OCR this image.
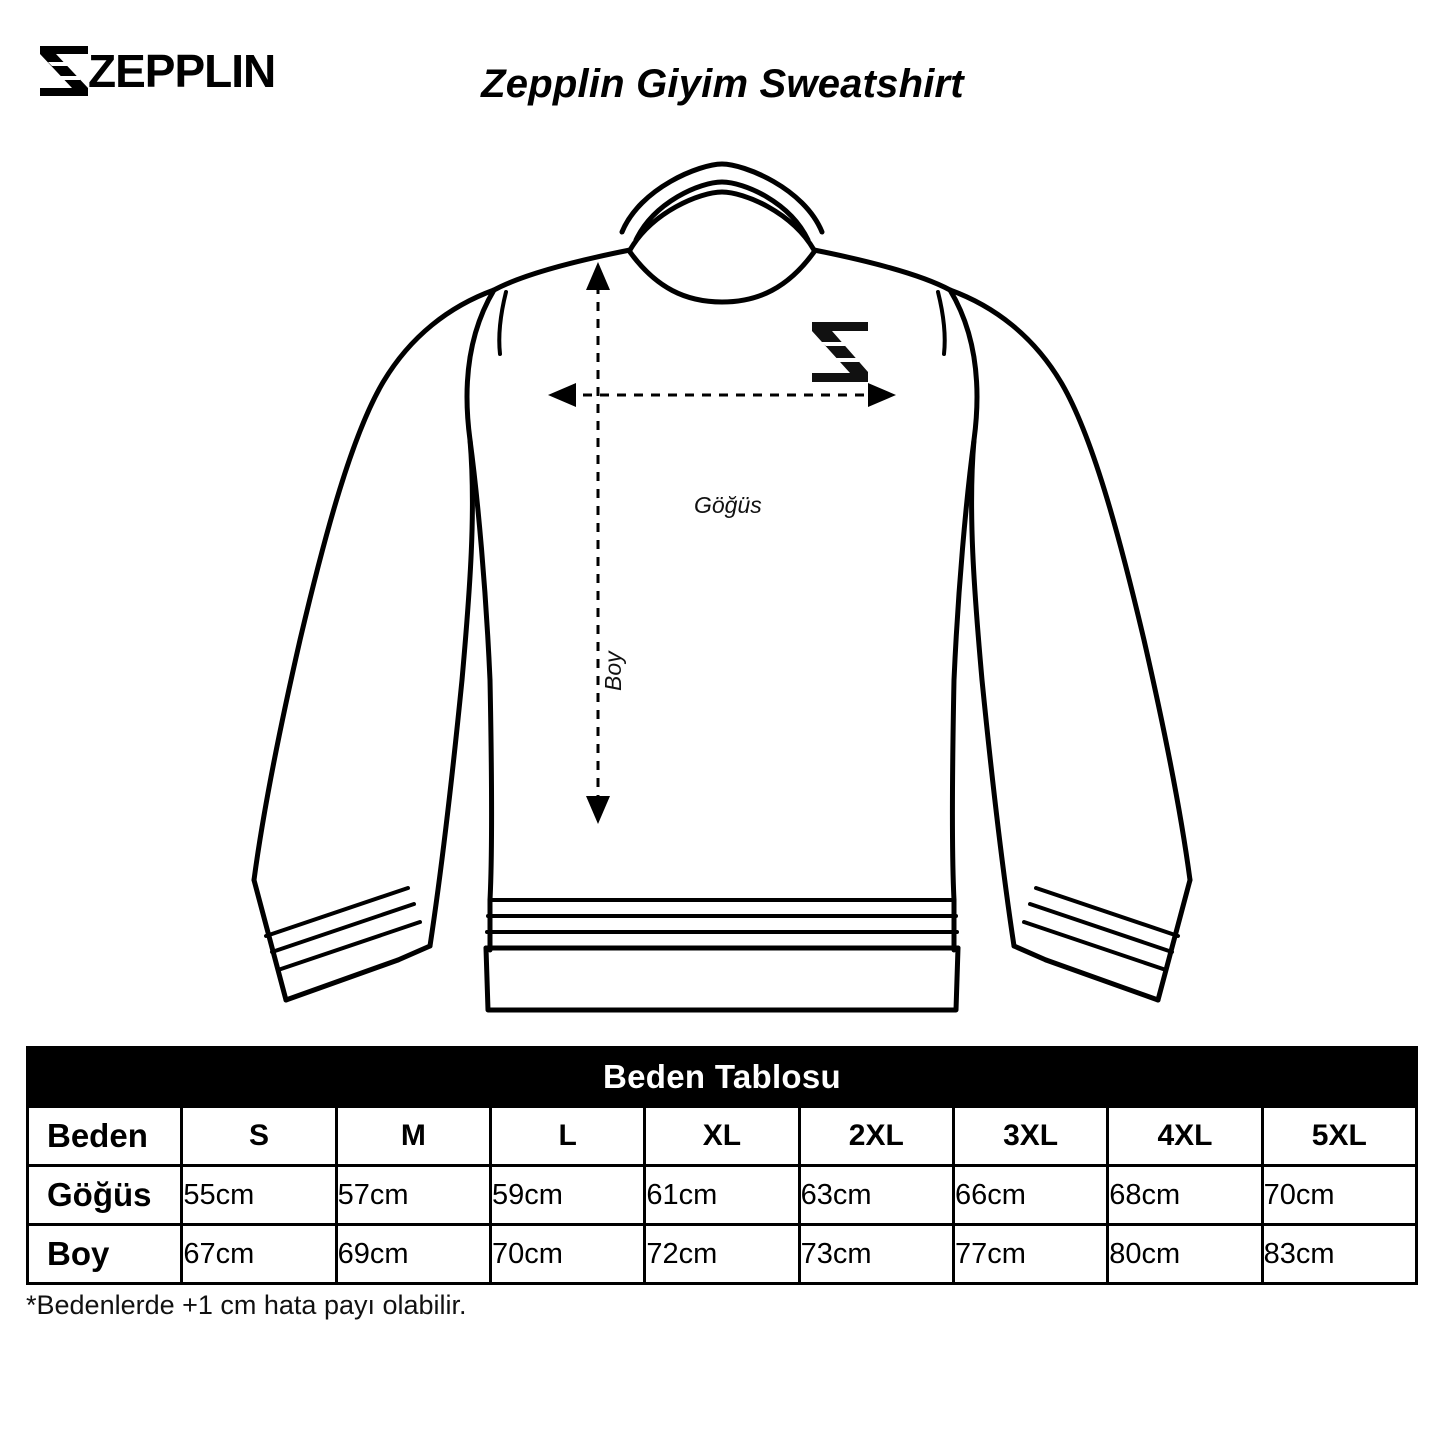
ZEPPLIN	Zepplin Giyim Sweatshirt
Göğüs
Boy
Beden Tablosu								
Beden	S	M	L	XL	2XL	3XL	4XL	5XL
Göğüs	55cm	57cm	59cm	61cm	63cm	66cm	68cm	70cm
Boy	67cm	69cm	70cm	72cm	73cm	77cm	80cm	83cm
*Bedenlerde +1 cm hata payı olabilir.
